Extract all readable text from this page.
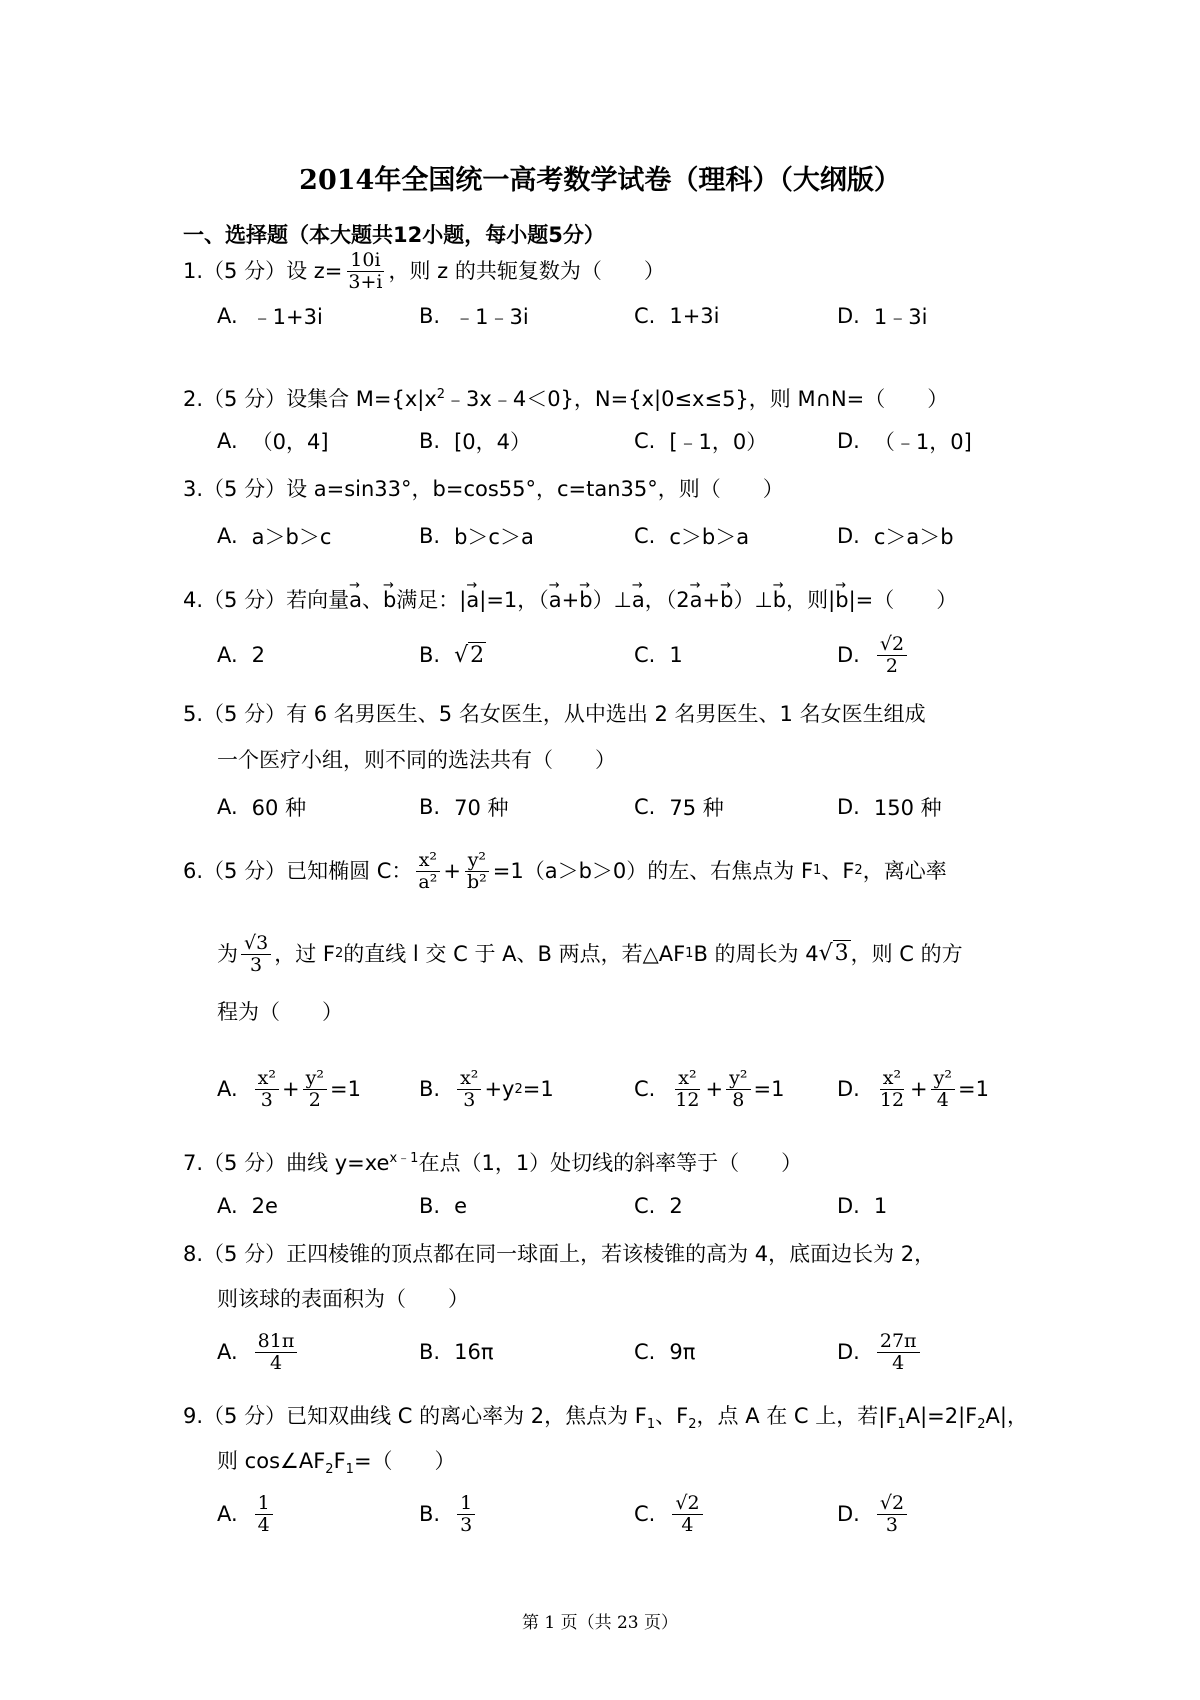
2014年全国统一高考数学试卷（理科）（大纲版）
一、选择题（本大题共12小题，每小题5分）
1.（5 分）设 $z= \frac{10i}{3+i}$ ，则 z 的共轭复数为（　　）
A. ﹣1+3i	B. ﹣1﹣3i	C. 1+3i	D. 1﹣3i
2.（5 分）设集合 $M=\{x|x^2﹣3x﹣4<0\}$，N={x|0≤x≤5}，则 M∩N=（　　）
A. （0，4]	B. [0，4）	C. [﹣1，0）	D. （﹣1，0]
3.（5 分）设 a=sin33°，b=cos55°，c=tan35°，则（　　）
A. a＞b＞c	B. b＞c＞a	C. c＞b＞a	D. c＞a＞b
4.（5 分）若向量→ a、→ b满足：|→ a|=1，（→ a+→ b）⊥→ a，（2→ a+→ b）⊥→ b，则|→ b|=（　　）
A. 2	B. √2	C. 1	D. $\frac{√2}{2}$
5.（5 分）有 6 名男医生、5 名女医生，从中选出 2 名男医生、1 名女医生组成
一个医疗小组，则不同的选法共有（　　）
A. 60 种	B. 70 种	C. 75 种	D. 150 种
6.（5 分）已知椭圆 C： $\frac{\text{x²}}{\text{a²}} + \frac{\text{y²}}{\text{b²}} =1(a>b>0)$的左、右焦点为 F 1 、F 2 ，离心率
为 $\frac{√3}{3}$ ，过 F 2 的直线 l 交 C 于 A、B 两点，若△AF 1 B 的周长为 4 √3 ，则 C 的方
程为（　　）
A. $\frac{\text{x²}}{3} + \frac{\text{y²}}{2} =1$	B. $\frac{\text{x²}}{3} +y$ 2 =1	C. $\frac{\text{x²}}{12} + \frac{\text{y²}}{8} =1$	D. $\frac{\text{x²}}{12} + \frac{\text{y²}}{4} =1$
7.（5 分）曲线 $y=xe^{x﹣1}$在点（1，1）处切线的斜率等于（　　）
A. 2e	B. e	C. 2	D. 1
8.（5 分）正四棱锥的顶点都在同一球面上，若该棱锥的高为 4，底面边长为 2，
则该球的表面积为（　　）
A. $\frac{81\pi}{4}$	B. 16π	C. 9π	D. $\frac{27\pi}{4}$
9.（5 分）已知双曲线 C 的离心率为 2，焦点为 $F_1$、$F_2$，点 A 在 C 上，若$|F_1A|=2|F_2A|$，
则 $\cos\angle AF_2F_1=$（　　）
A. $\frac{1}{4}$	B. $\frac{1}{3}$	C. $\frac{√2}{4}$	D. $\frac{√2}{3}$
第 1 页（共 23 页）
